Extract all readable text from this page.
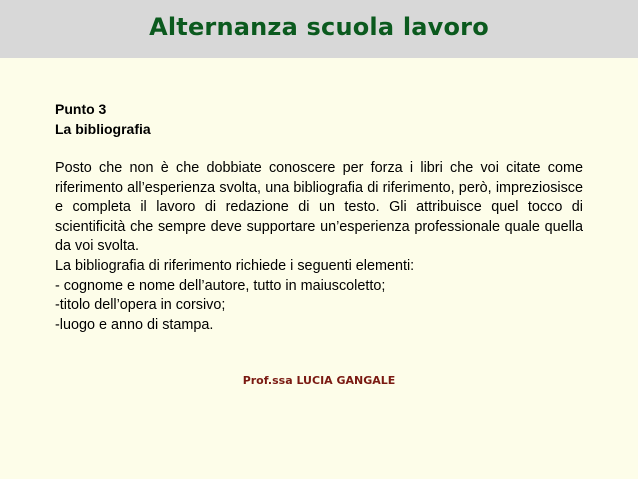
Alternanza scuola lavoro
Punto 3
La bibliografia

Posto che non è che dobbiate conoscere per forza i libri che voi citate come riferimento all’esperienza svolta, una bibliografia di riferimento, però, impreziosisce e completa il lavoro di redazione di un testo. Gli attribuisce quel tocco di scientificità che sempre deve supportare un’esperienza professionale quale quella da voi svolta.

La bibliografia di riferimento richiede i seguenti elementi:

- cognome e nome dell’autore, tutto in maiuscoletto;

-titolo dell’opera in corsivo;

-luogo e anno di stampa.

Prof.ssa LUCIA GANGALE
